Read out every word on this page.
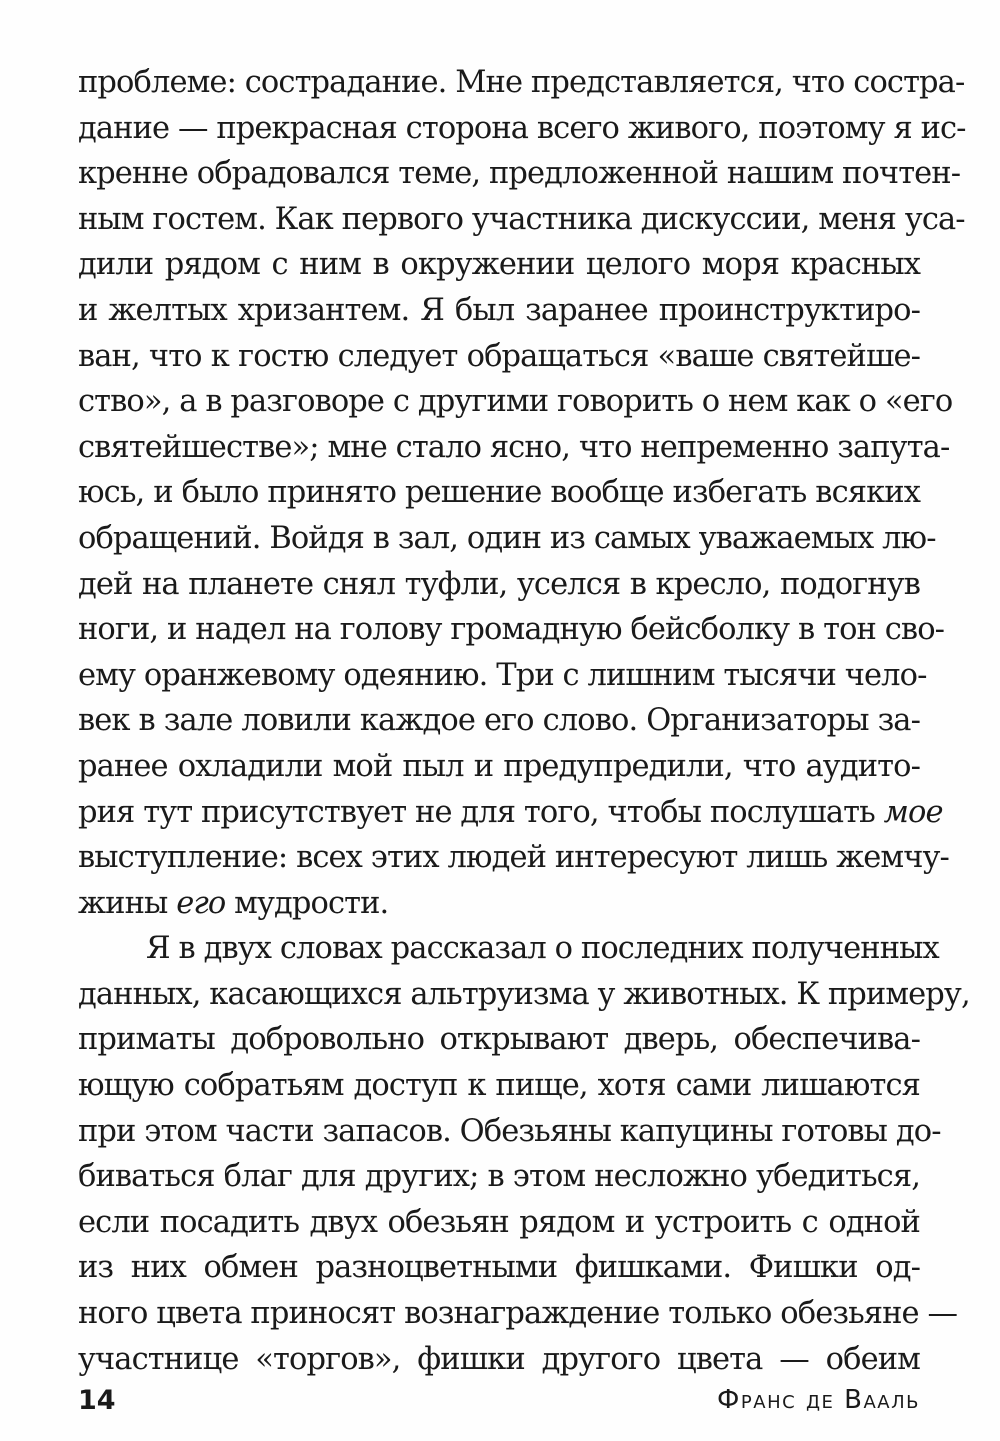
проблеме: сострадание. Мне представляется, что состра-
дание — прекрасная сторона всего живого, поэтому я ис-
кренне обрадовался теме, предложенной нашим почтен-
ным гостем. Как первого участника дискуссии, меня уса-
дили рядом с ним в окружении целого моря красных
и желтых хризантем. Я был заранее проинструктиро-
ван, что к гостю следует обращаться «ваше святейше-
ство», а в разговоре с другими говорить о нем как о «его
святейшестве»; мне стало ясно, что непременно запута-
юсь, и было принято решение вообще избегать всяких
обращений. Войдя в зал, один из самых уважаемых лю-
дей на планете снял туфли, уселся в кресло, подогнув
ноги, и надел на голову громадную бейсболку в тон сво-
ему оранжевому одеянию. Три с лишним тысячи чело-
век в зале ловили каждое его слово. Организаторы за-
ранее охладили мой пыл и предупредили, что аудито-
рия тут присутствует не для того, чтобы послушать мое
выступление: всех этих людей интересуют лишь жемчу-
жины его мудрости.
Я в двух словах рассказал о последних полученных
данных, касающихся альтруизма у животных. К примеру,
приматы добровольно открывают дверь, обеспечива-
ющую собратьям доступ к пище, хотя сами лишаются
при этом части запасов. Обезьяны капуцины готовы до-
биваться благ для других; в этом несложно убедиться,
если посадить двух обезьян рядом и устроить с одной
из них обмен разноцветными фишками. Фишки од-
ного цвета приносят вознаграждение только обезьяне —
участнице «торгов», фишки другого цвета — обеим
14	Франс де Вааль
